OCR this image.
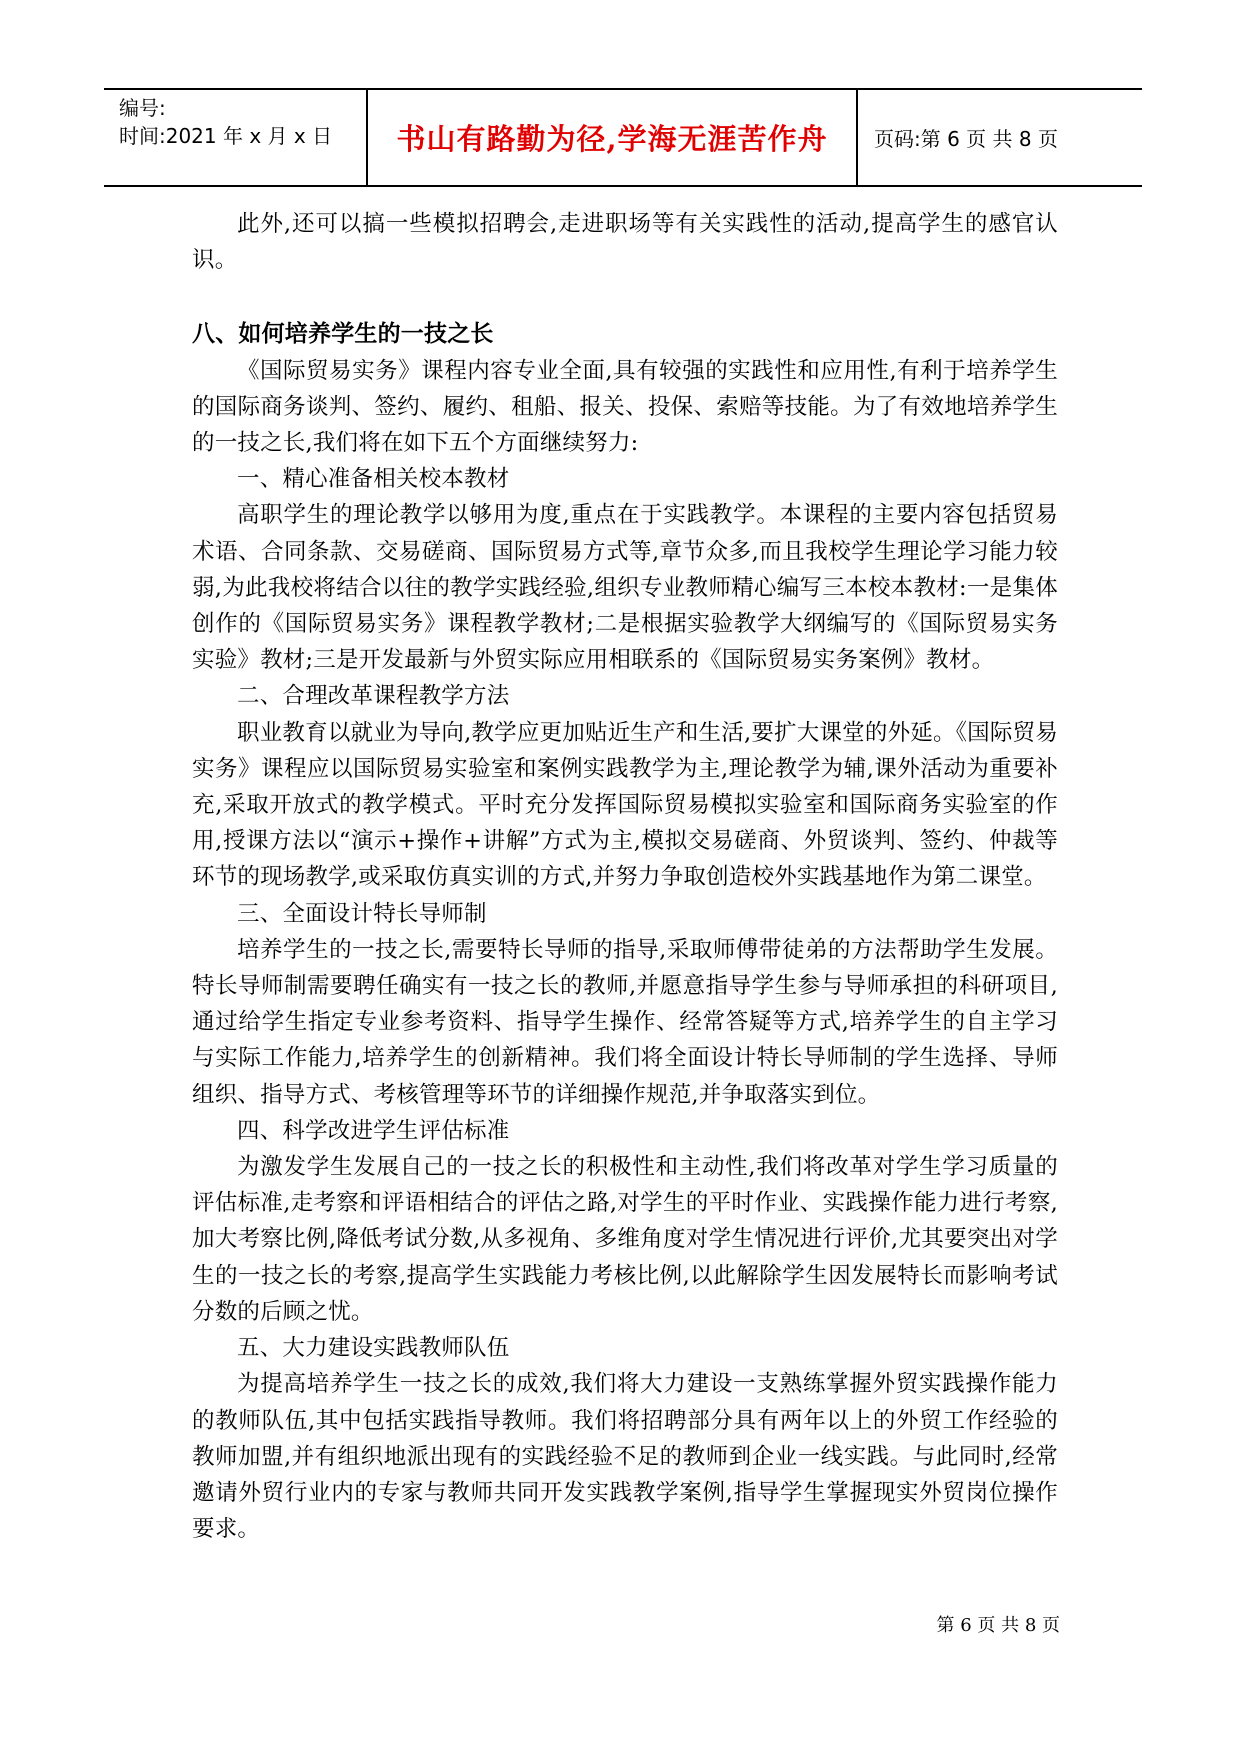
编号:
时间:2021 年 x 月 x 日	书山有路勤为径,学海无涯苦作舟	页码:第 6 页 共 8 页

此外,还可以搞一些模拟招聘会,走进职场等有关实践性的活动,提高学生的感官认识。

八、如何培养学生的一技之长

《国际贸易实务》课程内容专业全面,具有较强的实践性和应用性,有利于培养学生的国际商务谈判、签约、履约、租船、报关、投保、索赔等技能。为了有效地培养学生的一技之长,我们将在如下五个方面继续努力:

一、精心准备相关校本教材

高职学生的理论教学以够用为度,重点在于实践教学。本课程的主要内容包括贸易术语、合同条款、交易磋商、国际贸易方式等,章节众多,而且我校学生理论学习能力较弱,为此我校将结合以往的教学实践经验,组织专业教师精心编写三本校本教材:一是集体创作的《国际贸易实务》课程教学教材;二是根据实验教学大纲编写的《国际贸易实务实验》教材;三是开发最新与外贸实际应用相联系的《国际贸易实务案例》教材。

二、合理改革课程教学方法

职业教育以就业为导向,教学应更加贴近生产和生活,要扩大课堂的外延。《国际贸易实务》课程应以国际贸易实验室和案例实践教学为主,理论教学为辅,课外活动为重要补充,采取开放式的教学模式。平时充分发挥国际贸易模拟实验室和国际商务实验室的作用,授课方法以“演示+操作+讲解”方式为主,模拟交易磋商、外贸谈判、签约、仲裁等环节的现场教学,或采取仿真实训的方式,并努力争取创造校外实践基地作为第二课堂。

三、全面设计特长导师制

培养学生的一技之长,需要特长导师的指导,采取师傅带徒弟的方法帮助学生发展。特长导师制需要聘任确实有一技之长的教师,并愿意指导学生参与导师承担的科研项目,通过给学生指定专业参考资料、指导学生操作、经常答疑等方式,培养学生的自主学习与实际工作能力,培养学生的创新精神。我们将全面设计特长导师制的学生选择、导师组织、指导方式、考核管理等环节的详细操作规范,并争取落实到位。

四、科学改进学生评估标准

为激发学生发展自己的一技之长的积极性和主动性,我们将改革对学生学习质量的评估标准,走考察和评语相结合的评估之路,对学生的平时作业、实践操作能力进行考察,加大考察比例,降低考试分数,从多视角、多维角度对学生情况进行评价,尤其要突出对学生的一技之长的考察,提高学生实践能力考核比例,以此解除学生因发展特长而影响考试分数的后顾之忧。

五、大力建设实践教师队伍

为提高培养学生一技之长的成效,我们将大力建设一支熟练掌握外贸实践操作能力的教师队伍,其中包括实践指导教师。我们将招聘部分具有两年以上的外贸工作经验的教师加盟,并有组织地派出现有的实践经验不足的教师到企业一线实践。与此同时,经常邀请外贸行业内的专家与教师共同开发实践教学案例,指导学生掌握现实外贸岗位操作要求。

第 6 页 共 8 页
